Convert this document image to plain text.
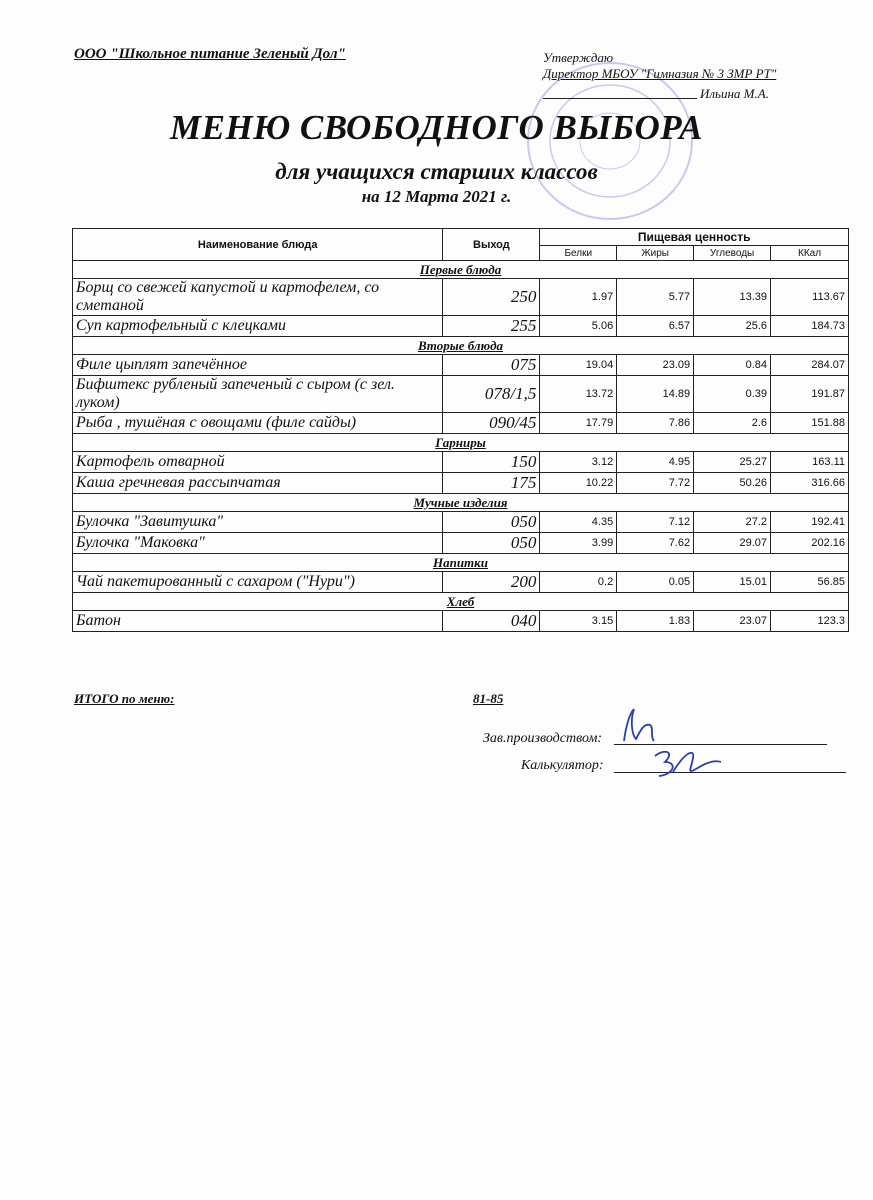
ООО "Школьное питание Зеленый Дол"	Утверждаю
Директор МБОУ "Гимназия № 3 ЗМР РТ"
Ильина М.А.
МЕНЮ СВОБОДНОГО ВЫБОРА
для учащихся старших классов
на 12 Марта 2021 г.
Наименование блюда	Выход	Пищевая ценность			
		Белки	Жиры	Углеводы	ККал
Первые блюда					
Борщ со свежей капустой и картофелем, со сметаной	250	1.97	5.77	13.39	113.67
Суп картофельный с клецками	255	5.06	6.57	25.6	184.73
Вторые блюда					
Филе цыплят запечённое	075	19.04	23.09	0.84	284.07
Бифштекс рубленый запеченый с сыром (с зел. луком)	078/1,5	13.72	14.89	0.39	191.87
Рыба , тушёная с овощами (филе сайды)	090/45	17.79	7.86	2.6	151.88
Гарниры					
Картофель отварной	150	3.12	4.95	25.27	163.11
Каша гречневая рассыпчатая	175	10.22	7.72	50.26	316.66
Мучные изделия					
Булочка "Завитушка"	050	4.35	7.12	27.2	192.41
Булочка "Маковка"	050	3.99	7.62	29.07	202.16
Напитки					
Чай пакетированный с сахаром ("Нури")	200	0.2	0.05	15.01	56.85
Хлеб					
Батон	040	3.15	1.83	23.07	123.3
ИТОГО по меню:	81-85
Зав.производством:
Калькулятор:
